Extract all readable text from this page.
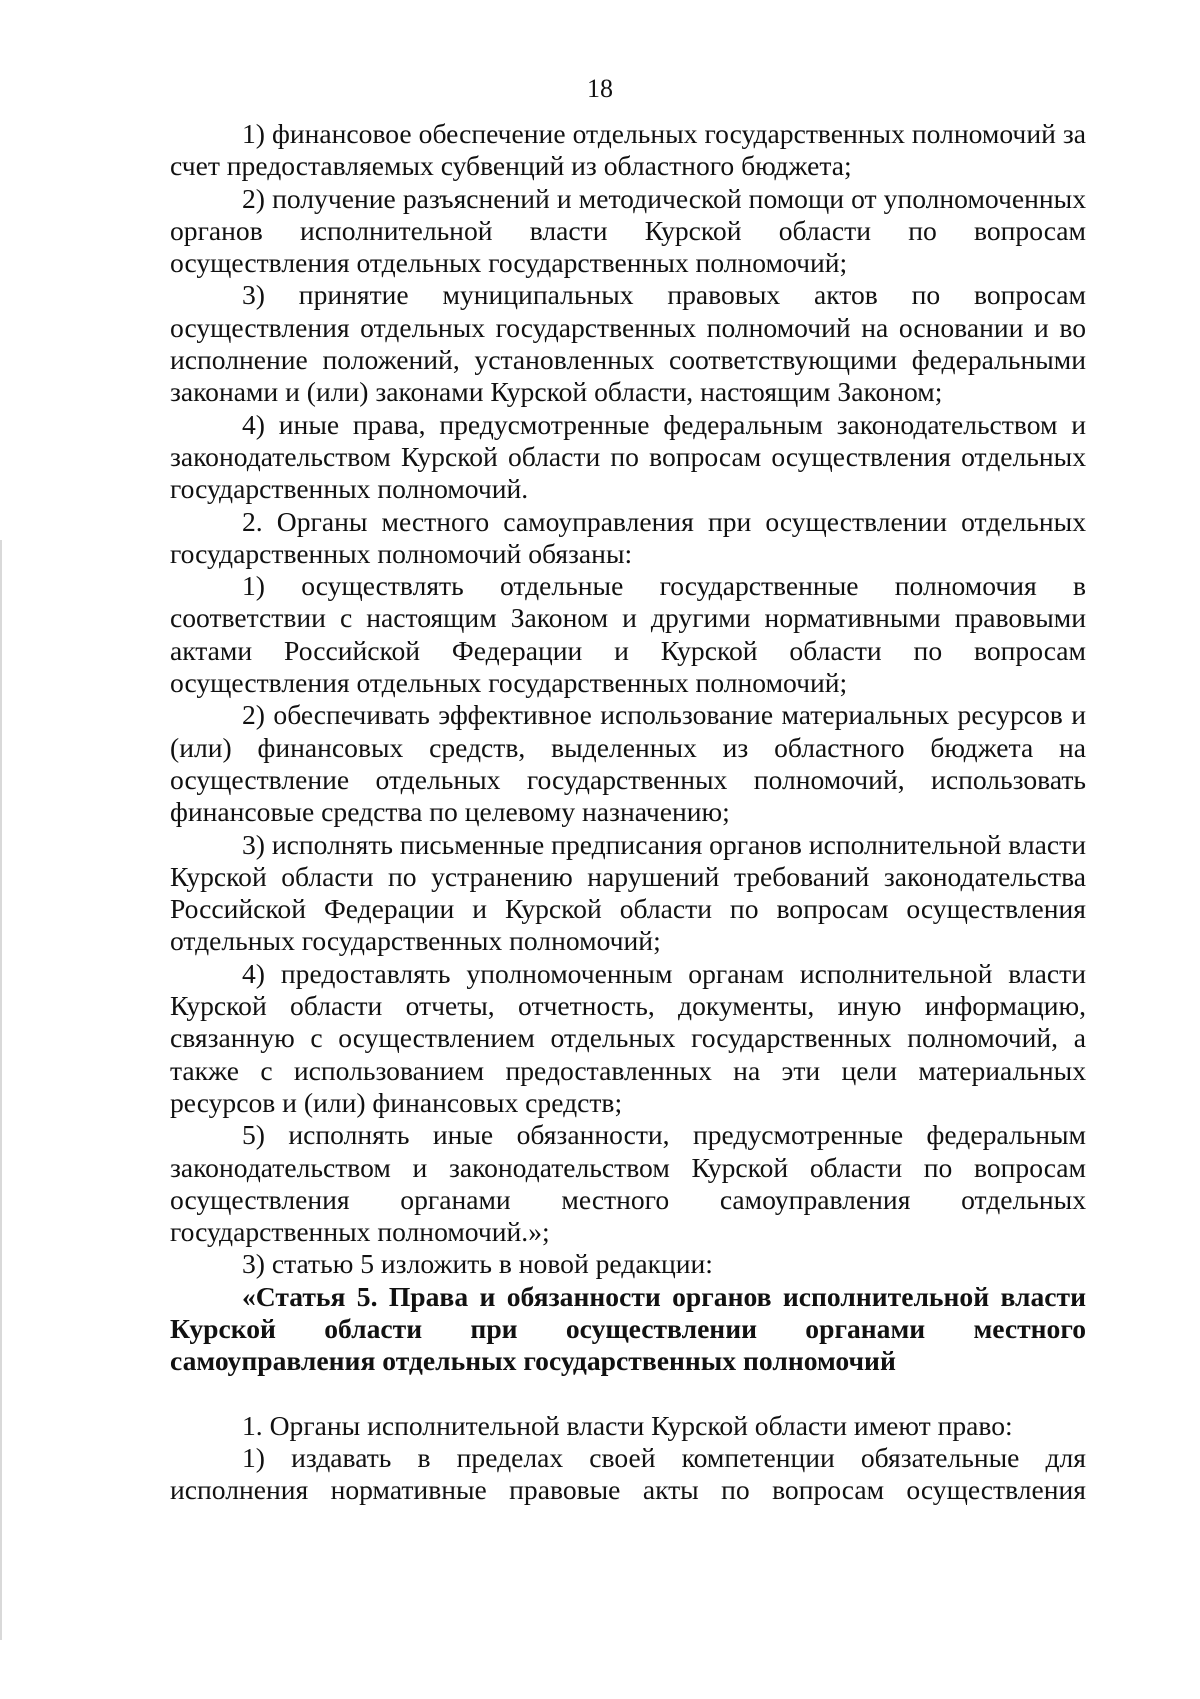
18

1) финансовое обеспечение отдельных государственных полномочий за счет предоставляемых субвенций из областного бюджета;

2) получение разъяснений и методической помощи от уполномоченных органов исполнительной власти Курской области по вопросам осуществления отдельных государственных полномочий;

3) принятие муниципальных правовых актов по вопросам осуществления отдельных государственных полномочий на основании и во исполнение положений, установленных соответствующими федеральными законами и (или) законами Курской области, настоящим Законом;

4) иные права, предусмотренные федеральным законодательством и законодательством Курской области по вопросам осуществления отдельных государственных полномочий.

2. Органы местного самоуправления при осуществлении отдельных государственных полномочий обязаны:

1) осуществлять отдельные государственные полномочия в соответствии с настоящим Законом и другими нормативными правовыми актами Российской Федерации и Курской области по вопросам осуществления отдельных государственных полномочий;

2) обеспечивать эффективное использование материальных ресурсов и (или) финансовых средств, выделенных из областного бюджета на осуществление отдельных государственных полномочий, использовать финансовые средства по целевому назначению;

3) исполнять письменные предписания органов исполнительной власти Курской области по устранению нарушений требований законодательства Российской Федерации и Курской области по вопросам осуществления отдельных государственных полномочий;

4) предоставлять уполномоченным органам исполнительной власти Курской области отчеты, отчетность, документы, иную информацию, связанную с осуществлением отдельных государственных полномочий, а также с использованием предоставленных на эти цели материальных ресурсов и (или) финансовых средств;

5) исполнять иные обязанности, предусмотренные федеральным законодательством и законодательством Курской области по вопросам осуществления органами местного самоуправления отдельных государственных полномочий.»;

3) статью 5 изложить в новой редакции:

«Статья 5. Права и обязанности органов исполнительной власти Курской области при осуществлении органами местного самоуправления отдельных государственных полномочий

1. Органы исполнительной власти Курской области имеют право:

1) издавать в пределах своей компетенции обязательные для исполнения нормативные правовые акты по вопросам осуществления
